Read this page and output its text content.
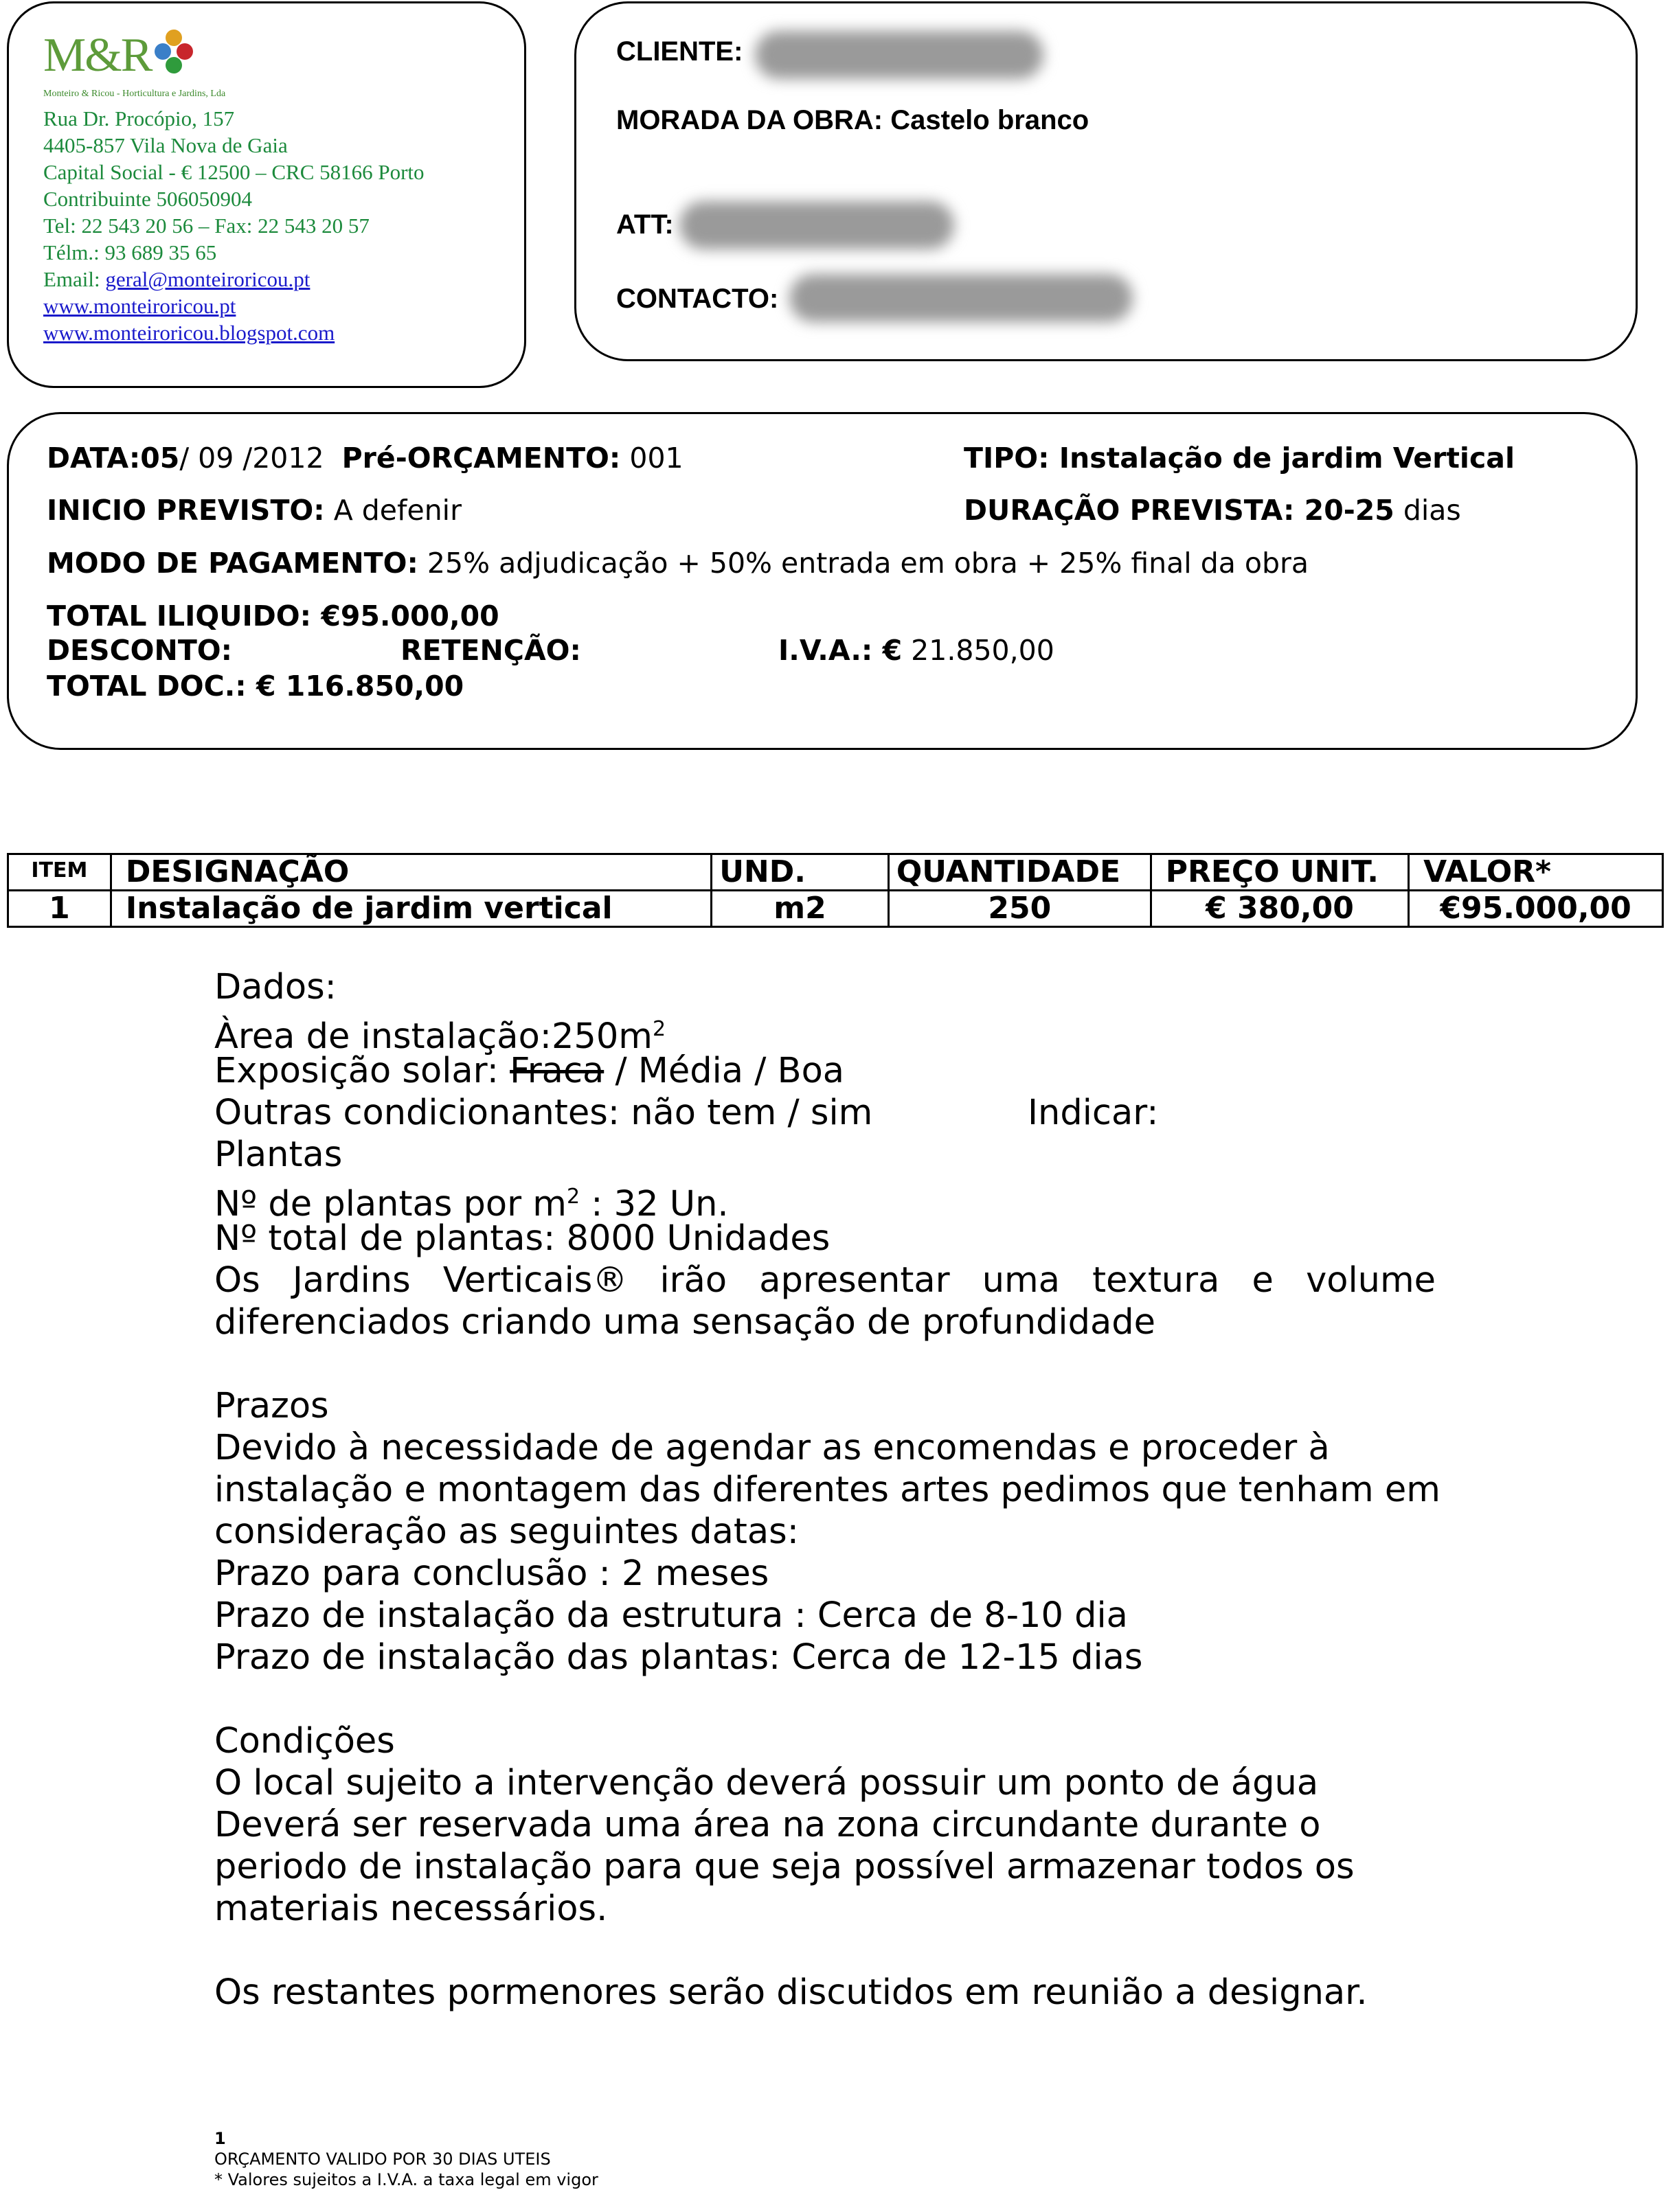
M&R
Monteiro & Ricou - Horticultura e Jardins, Lda
Rua Dr. Procópio, 157
4405-857 Vila Nova de Gaia
Capital Social - € 12500 – CRC 58166 Porto
Contribuinte 506050904
Tel: 22 543 20 56 – Fax: 22 543 20 57
Télm.: 93 689 35 65
Email: geral@monteiroricou.pt
www.monteiroricou.pt
www.monteiroricou.blogspot.com
CLIENTE:
MORADA DA OBRA: Castelo branco
ATT:
CONTACTO:
DATA:05/ 09 /2012 Pré-ORÇAMENTO: 001	TIPO: Instalação de jardim Vertical
INICIO PREVISTO: A defenir	DURAÇÃO PREVISTA: 20-25 dias
MODO DE PAGAMENTO: 25% adjudicação + 50% entrada em obra + 25% final da obra
TOTAL ILIQUIDO: €95.000,00
DESCONTO:	RETENÇÃO:	I.V.A.: € 21.850,00
TOTAL DOC.: € 116.850,00
ITEM	DESIGNAÇÃO	UND.	QUANTIDADE	PREÇO UNIT.	VALOR*
1	Instalação de jardim vertical	m2	250	€ 380,00	€95.000,00
Dados:
Àrea de $instalação:250m^2$
Exposição solar: Fraca / Média / Boa
Outras condicionantes: não tem / sim	Indicar:
Plantas
Nº de plantas por $m^2$ : 32 Un.
Nº total de plantas: 8000 Unidades
Os Jardins Verticais® irão apresentar uma textura e volume
diferenciados criando uma sensação de profundidade
Prazos
Devido à necessidade de agendar as encomendas e proceder à
instalação e montagem das diferentes artes pedimos que tenham em
consideração as seguintes datas:
Prazo para conclusão : 2 meses
Prazo de instalação da estrutura : Cerca de 8-10 dia
Prazo de instalação das plantas: Cerca de 12-15 dias
Condições
O local sujeito a intervenção deverá possuir um ponto de água
Deverá ser reservada uma área na zona circundante durante o
periodo de instalação para que seja possível armazenar todos os
materiais necessários.
Os restantes pormenores serão discutidos em reunião a designar.
1
ORÇAMENTO VALIDO POR 30 DIAS UTEIS
* Valores sujeitos a I.V.A. a taxa legal em vigor
